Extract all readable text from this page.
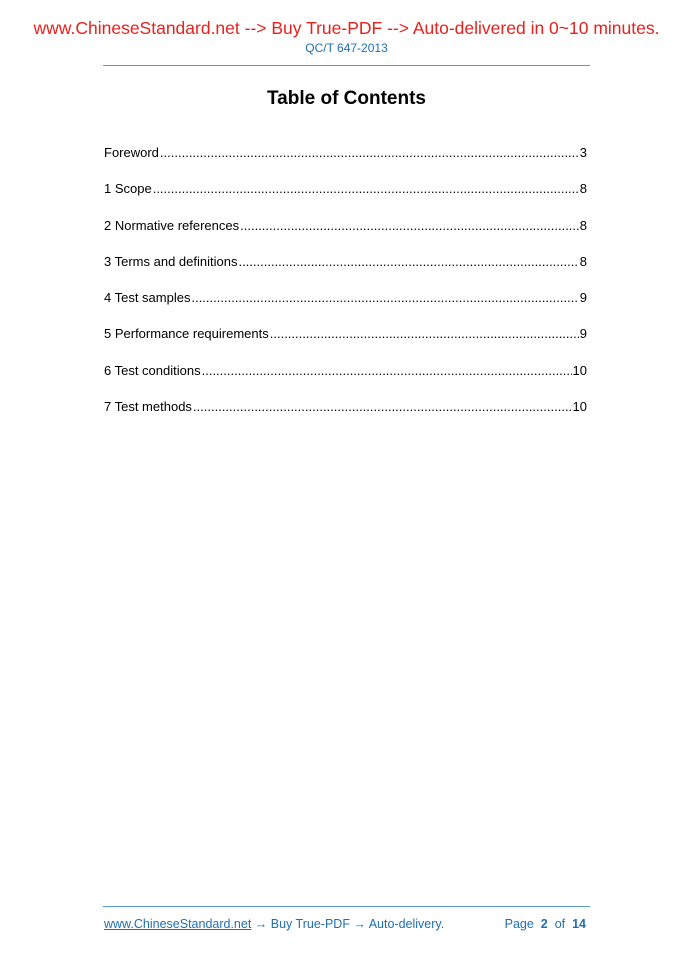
www.ChineseStandard.net --> Buy True-PDF --> Auto-delivered in 0~10 minutes.
QC/T 647-2013
Table of Contents
Foreword .....	3
1 Scope .....	8
2 Normative references .....	8
3 Terms and definitions .....	8
4 Test samples .....	9
5 Performance requirements .....	9
6 Test conditions .....	10
7 Test methods .....	10
www.ChineseStandard.net → Buy True-PDF → Auto-delivery.	Page 2 of 14
